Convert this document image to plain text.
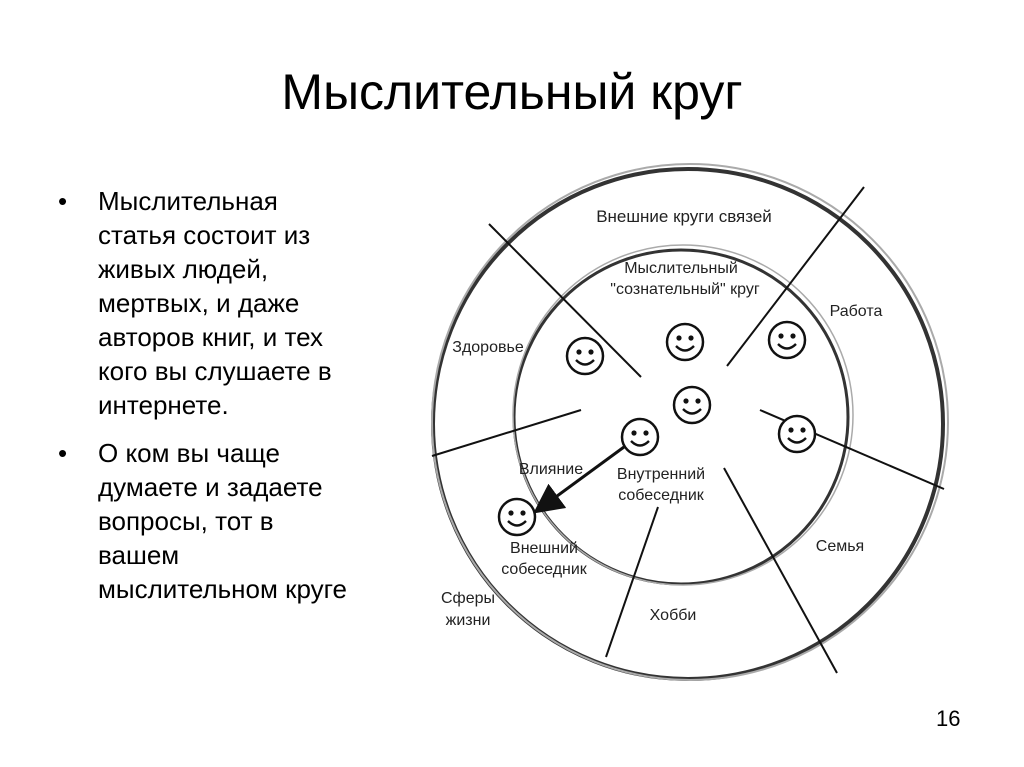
Мыслительный круг
• Мыслительная статья состоит из живых людей, мертвых, и даже авторов книг, и тех кого вы слушаете в интернете.
• О ком вы чаще думаете и задаете вопросы, тот в вашем мыслительном круге
Внешние круги связей
Мыслительный
"сознательный" круг
Работа
Здоровье
Влияние Внутренний
собеседник
Внешний
собеседник
Семья
Сферы
жизни	Хобби
16
